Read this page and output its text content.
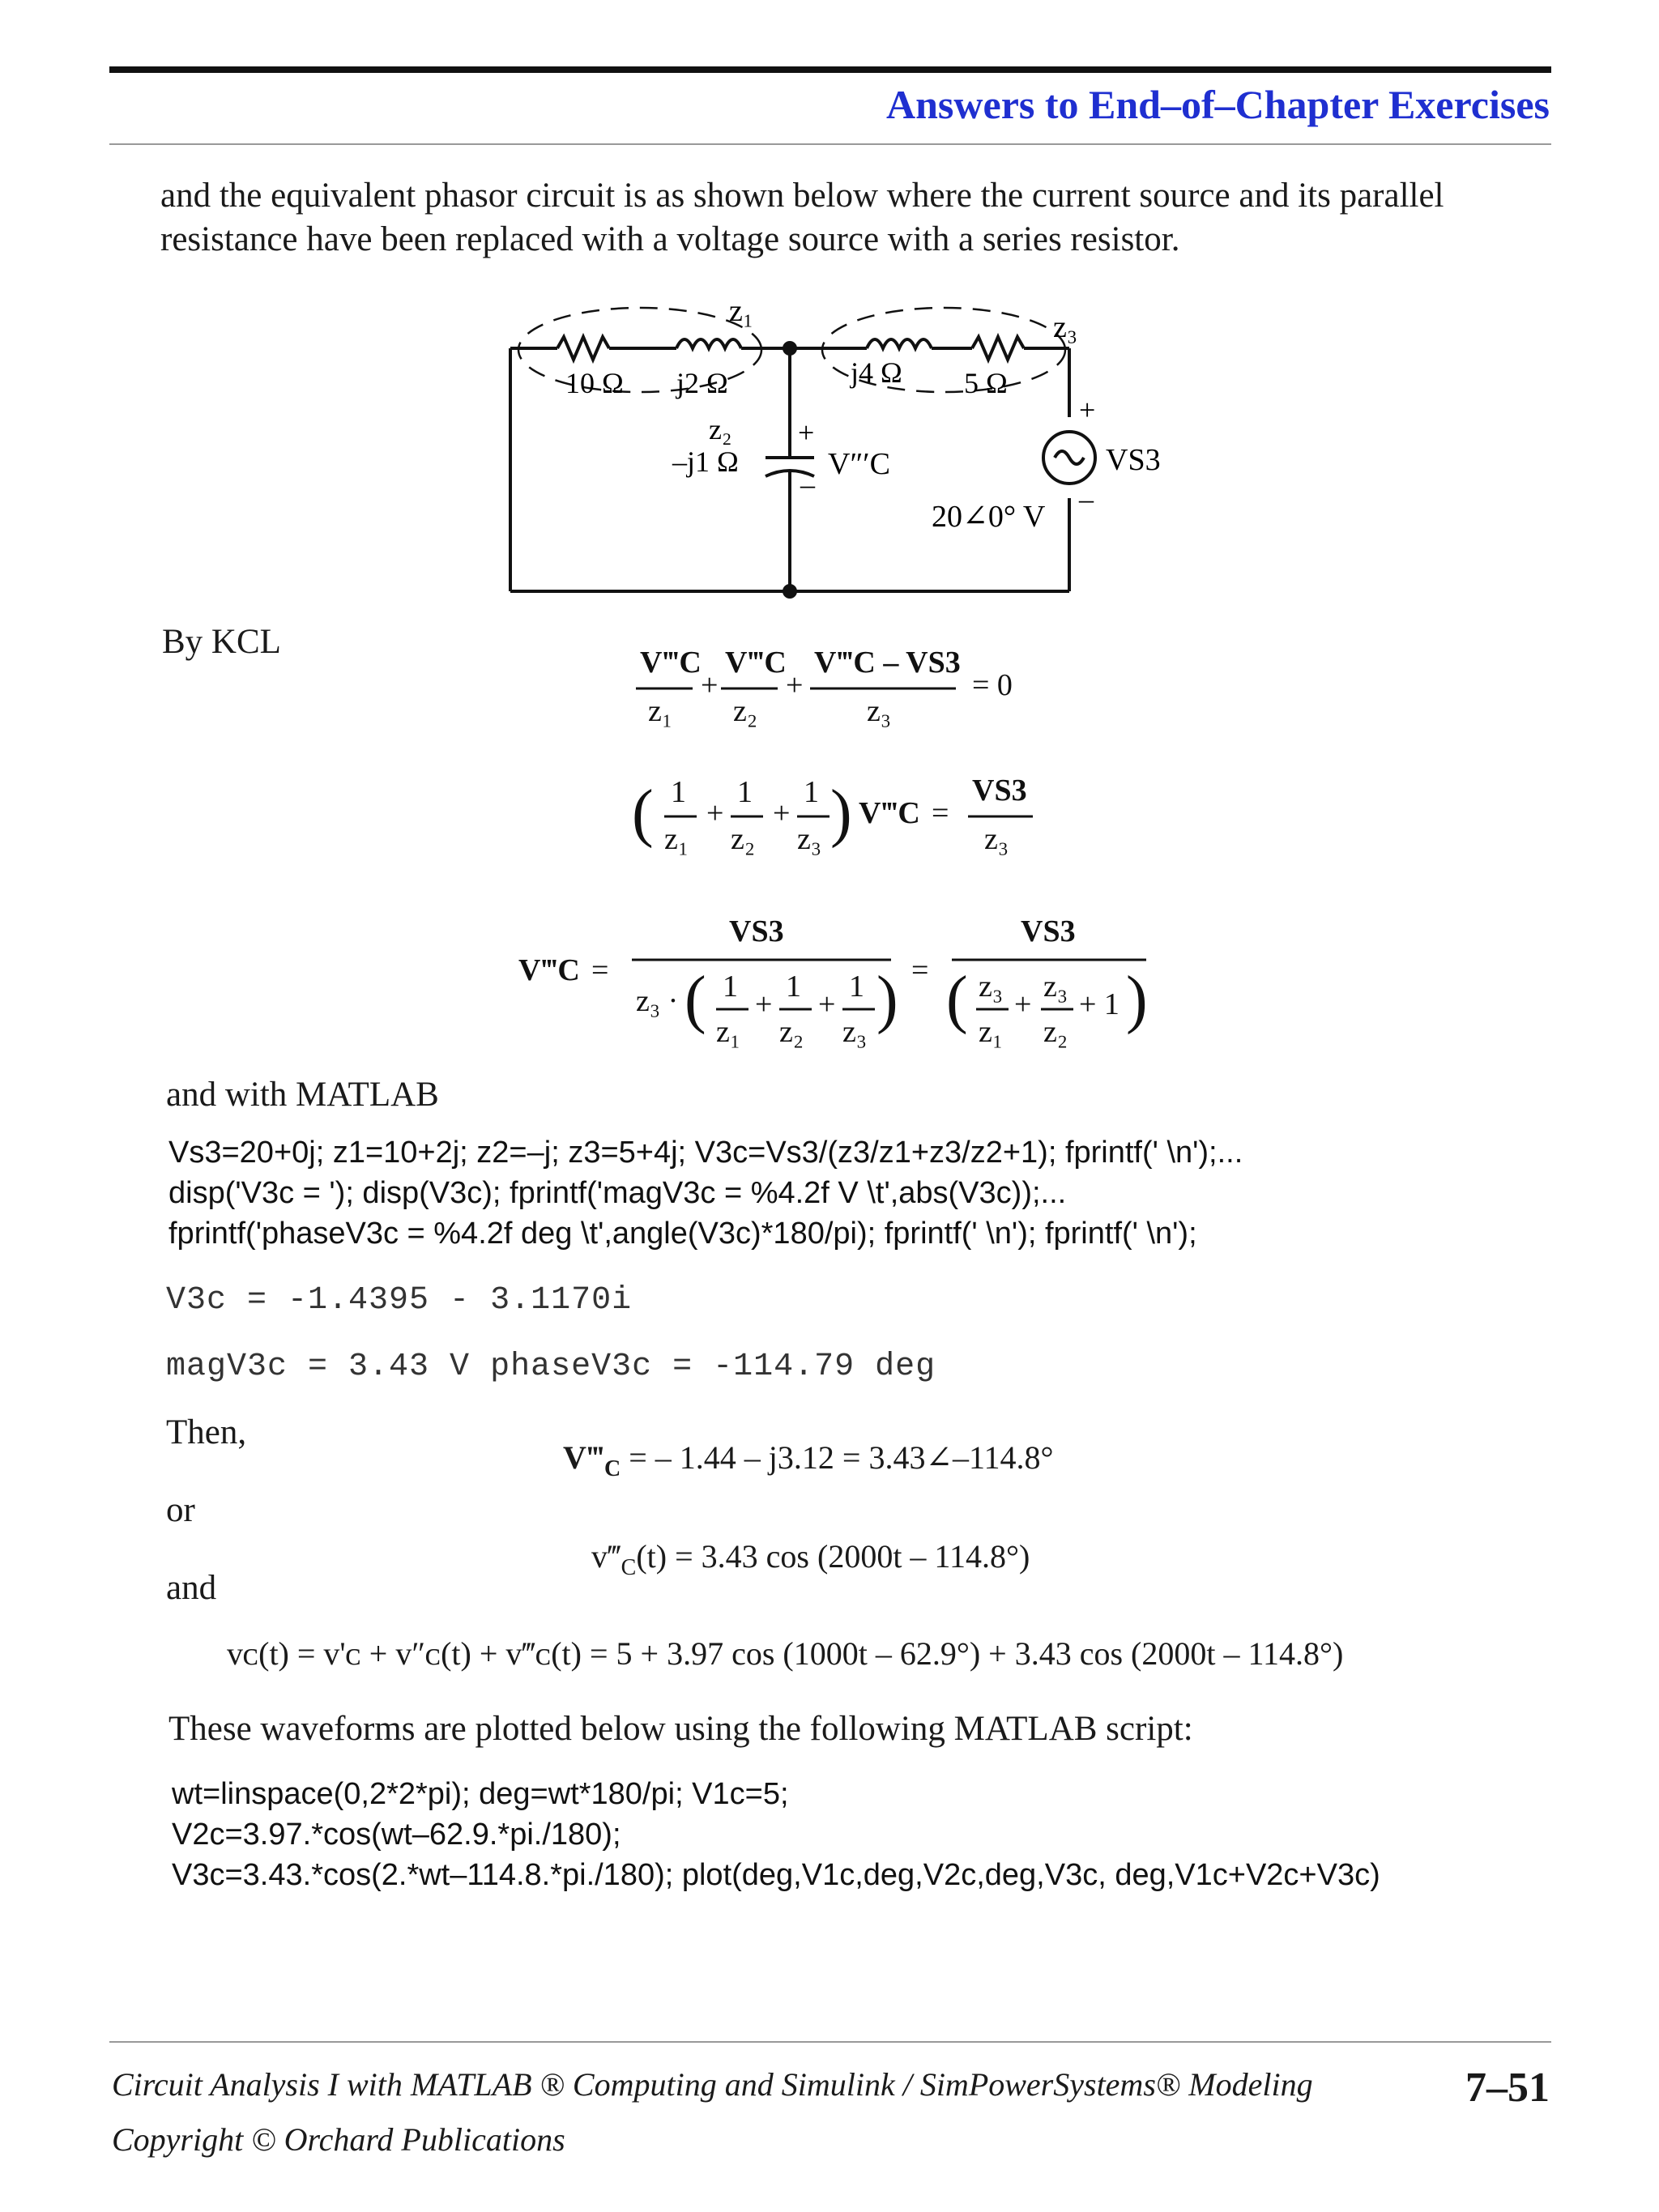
Answers to End–of–Chapter Exercises
and the equivalent phasor circuit is as shown below where the current source and its parallel
resistance have been replaced with a voltage source with a series resistor.
z₁	z₃
10 Ω j2 Ω	j4 Ω 5 Ω
z₂
–j1 Ω
+
–
V″′C
+
–
VS3
20∠0° V
By KCL
V‴C
z₁
+
V‴C
z₂
+
V‴C – VS3
z₃
= 0
( 1
z₁
+
1
z₂
+
1
z₃ ) V‴C =
VS3
z₃
V‴C =
VS3
z₃ · ( 1
z₁
+
1
z₂
+
1
z₃ ) =
VS3
( z₃
z₁
+
z₃
z₂
+ 1 )
and with MATLAB
Vs3=20+0j; z1=10+2j; z2=–j; z3=5+4j; V3c=Vs3/(z3/z1+z3/z2+1); fprintf(' \n');...
disp('V3c = '); disp(V3c); fprintf('magV3c = %4.2f V \t',abs(V3c));...
fprintf('phaseV3c = %4.2f deg \t',angle(V3c)*180/pi); fprintf(' \n'); fprintf(' \n');
V3c = -1.4395 - 3.1170i
magV3c = 3.43 V phaseV3c = -114.79 deg
Then,
$V‴_C$ = – 1.44 – j3.12 = 3.43∠–114.8°
or
$v‴_C(t) = 3.43$ cos (2000t – 114.8°)
and
vᴄ(t) = v'ᴄ + v″ᴄ(t) + v‴ᴄ(t) = 5 + 3.97 cos (1000t – 62.9°) + 3.43 cos (2000t – 114.8°)
These waveforms are plotted below using the following MATLAB script:
wt=linspace(0,2*2*pi); deg=wt*180/pi; V1c=5;
V2c=3.97.*cos(wt–62.9.*pi./180);
V3c=3.43.*cos(2.*wt–114.8.*pi./180); plot(deg,V1c,deg,V2c,deg,V3c, deg,V1c+V2c+V3c)
Circuit Analysis I with MATLAB ® Computing and Simulink / SimPowerSystems® Modeling
Copyright © Orchard Publications
7–51
